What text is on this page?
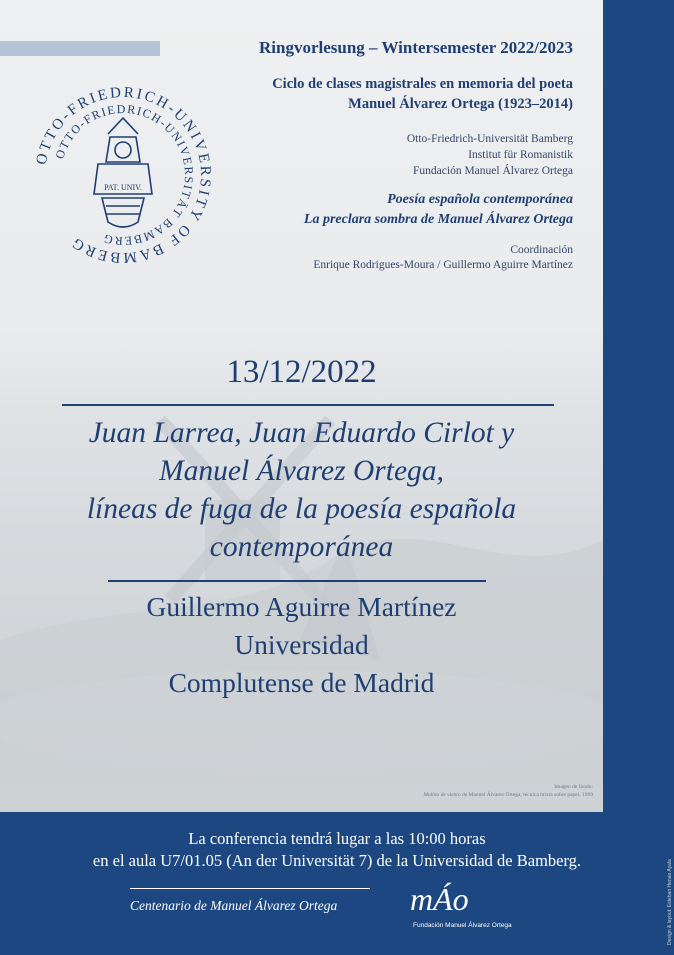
Ringvorlesung – Wintersemester 2022/2023
Ciclo de clases magistrales en memoria del poeta
Manuel Álvarez Ortega (1923–2014)
Otto-Friedrich-Universität Bamberg
Institut für Romanistik
Fundación Manuel Álvarez Ortega
Poesía española contemporánea
La preclara sombra de Manuel Álvarez Ortega
Coordinación
Enrique Rodrigues-Moura / Guillermo Aguirre Martínez
OTTO-FRIEDRICH-UNIVERSITY OF BAMBERG
OTTO-FRIEDRICH-UNIVERSITÄT BAMBERG
PAT. UNIV.
13/12/2022
Juan Larrea, Juan Eduardo Cirlot y
Manuel Álvarez Ortega,
líneas de fuga de la poesía española
contemporánea
Guillermo Aguirre Martínez
Universidad
Complutense de Madrid
Imagen de fondo:
Molino de viento de Manuel Álvarez Ortega, técnica mixta sobre papel, 1999
La conferencia tendrá lugar a las 10:00 horas
en el aula U7/01.05 (An der Universität 7) de la Universidad de Bamberg.
Centenario de Manuel Álvarez Ortega mÁo
Fundación Manuel Álvarez Ortega	Design & layout: Esteban Henao Ayala
